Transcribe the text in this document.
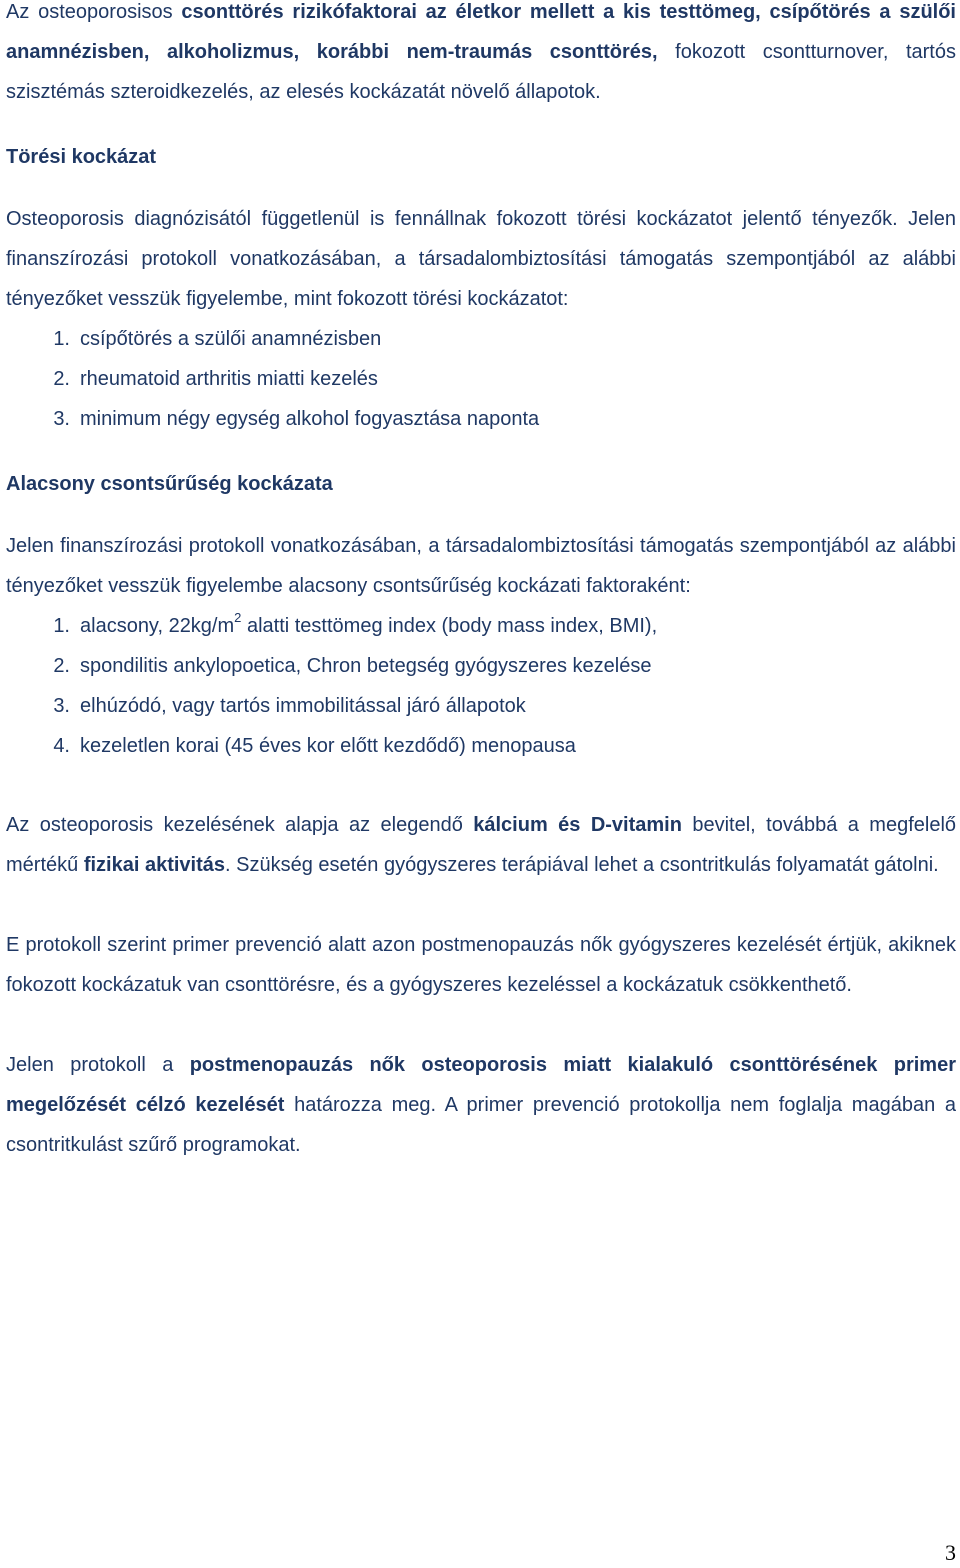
Az osteoporosisos csonttörés rizikófaktorai az életkor mellett a kis testtömeg, csípőtörés a szülői anamnézisben, alkoholizmus, korábbi nem-traumás csonttörés, fokozott csontturnover, tartós szisztémás szteroidkezelés, az elesés kockázatát növelő állapotok.

Törési kockázat

Osteoporosis diagnózisától függetlenül is fennállnak fokozott törési kockázatot jelentő tényezők. Jelen finanszírozási protokoll vonatkozásában, a társadalombiztosítási támogatás szempontjából az alábbi tényezőket vesszük figyelembe, mint fokozott törési kockázatot:

1. csípőtörés a szülői anamnézisben
2. rheumatoid arthritis miatti kezelés
3. minimum négy egység alkohol fogyasztása naponta

Alacsony csontsűrűség kockázata

Jelen finanszírozási protokoll vonatkozásában, a társadalombiztosítási támogatás szempontjából az alábbi tényezőket vesszük figyelembe alacsony csontsűrűség kockázati faktoraként:

1. alacsony, $22kg/m^2$ alatti testtömeg index (body mass index, BMI),
2. spondilitis ankylopoetica, Chron betegség gyógyszeres kezelése
3. elhúzódó, vagy tartós immobilitással járó állapotok
4. kezeletlen korai (45 éves kor előtt kezdődő) menopausa

Az osteoporosis kezelésének alapja az elegendő kálcium és D-vitamin bevitel, továbbá a megfelelő mértékű fizikai aktivitás. Szükség esetén gyógyszeres terápiával lehet a csontritkulás folyamatát gátolni.

E protokoll szerint primer prevenció alatt azon postmenopauzás nők gyógyszeres kezelését értjük, akiknek fokozott kockázatuk van csonttörésre, és a gyógyszeres kezeléssel a kockázatuk csökkenthető.

Jelen protokoll a postmenopauzás nők osteoporosis miatt kialakuló csonttörésének primer megelőzését célzó kezelését határozza meg. A primer prevenció protokollja nem foglalja magában a csontritkulást szűrő programokat.

3
